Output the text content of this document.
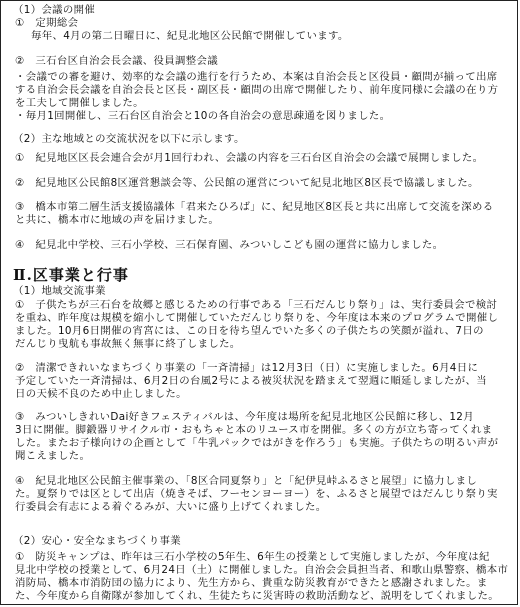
（1）会議の開催
①　定期総会
毎年、4月の第二日曜日に、紀見北地区公民館で開催しています。
②　三石台区自治会長会議、役員調整会議
・会議での審を避け、効率的な会議の進行を行うため、本案は自治会長と区役員・顧問が揃って出席
する自治会長会議を自治会長と区長・副区長・顧問の出席で開催したり、前年度同様に会議の在り方
を工夫して開催しました。
・毎月1回開催し、三石台区自治会と10の各自治会の意思疎通を図りました。
（2）主な地域との交流状況を以下に示します。
①　紀見地区区長会連合会が月1回行われ、会議の内容を三石台区自治会の会議で展開しました。
②　紀見地区公民館8区運営懇談会等、公民館の運営について紀見北地区8区長で協議しました。
③　橋本市第二層生活支援協議体「君来たひろば」に、紀見地区8区長と共に出席して交流を深める
と共に、橋本市に地域の声を届けました。
④　紀見北中学校、三石小学校、三石保育園、みついしこども園の運営に協力しました。
Ⅱ.区事業と行事
（1）地域交流事業
①　子供たちが三石台を故郷と感じるための行事である「三石だんじり祭り」は、実行委員会で検討
を重ね、昨年度は規模を縮小して開催していただんじり祭りを、今年度は本来のプログラムで開催し
ました。10月6日開催の宵宮には、この日を待ち望んでいた多くの子供たちの笑顔が溢れ、7日の
だんじり曳航も事故無く無事に終了しました。
②　清潔できれいなまちづくり事業の「一斉清掃」は12月3日（日）に実施しました。6月4日に
予定していた一斉清掃は、6月2日の台風2号による被災状況を踏まえて翌週に順延しましたが、当
日の天候不良のため中止しました。
③　みついしきれいDai好きフェスティバルは、今年度は場所を紀見北地区公民館に移し、12月
3日に開催。脚鍛器リサイクル市・おもちゃと本のリユース市を開催。多くの方が立ち寄ってくれま
した。またお子様向けの企画として「牛乳パックではがきを作ろう」も実施。子供たちの明るい声が
聞こえました。
④　紀見北地区公民館主催事業の、「8区合同夏祭り」と「紀伊見峠ふるさと展望」に協力しまし
た。夏祭りでは区として出店（焼きそば、フーセンヨーヨー）を、ふるさと展望ではだんじり祭り実
行委員会有志による着ぐるみが、大いに盛り上げてくれました。
（2）安心・安全なまちづくり事業
①　防災キャンプは、昨年は三石小学校の5年生、6年生の授業として実施しましたが、今年度は紀
見北中学校の授業として、6月24日（土）に開催しました。自治会会員担当者、和歌山県警察、橋本市
消防局、橋本市消防団の協力により、先生方から、貴重な防災教育ができたと感謝されました。ま
た、今年度から自衛隊が参加してくれ、生徒たちに災害時の救助活動など、説明をしてくれました。
